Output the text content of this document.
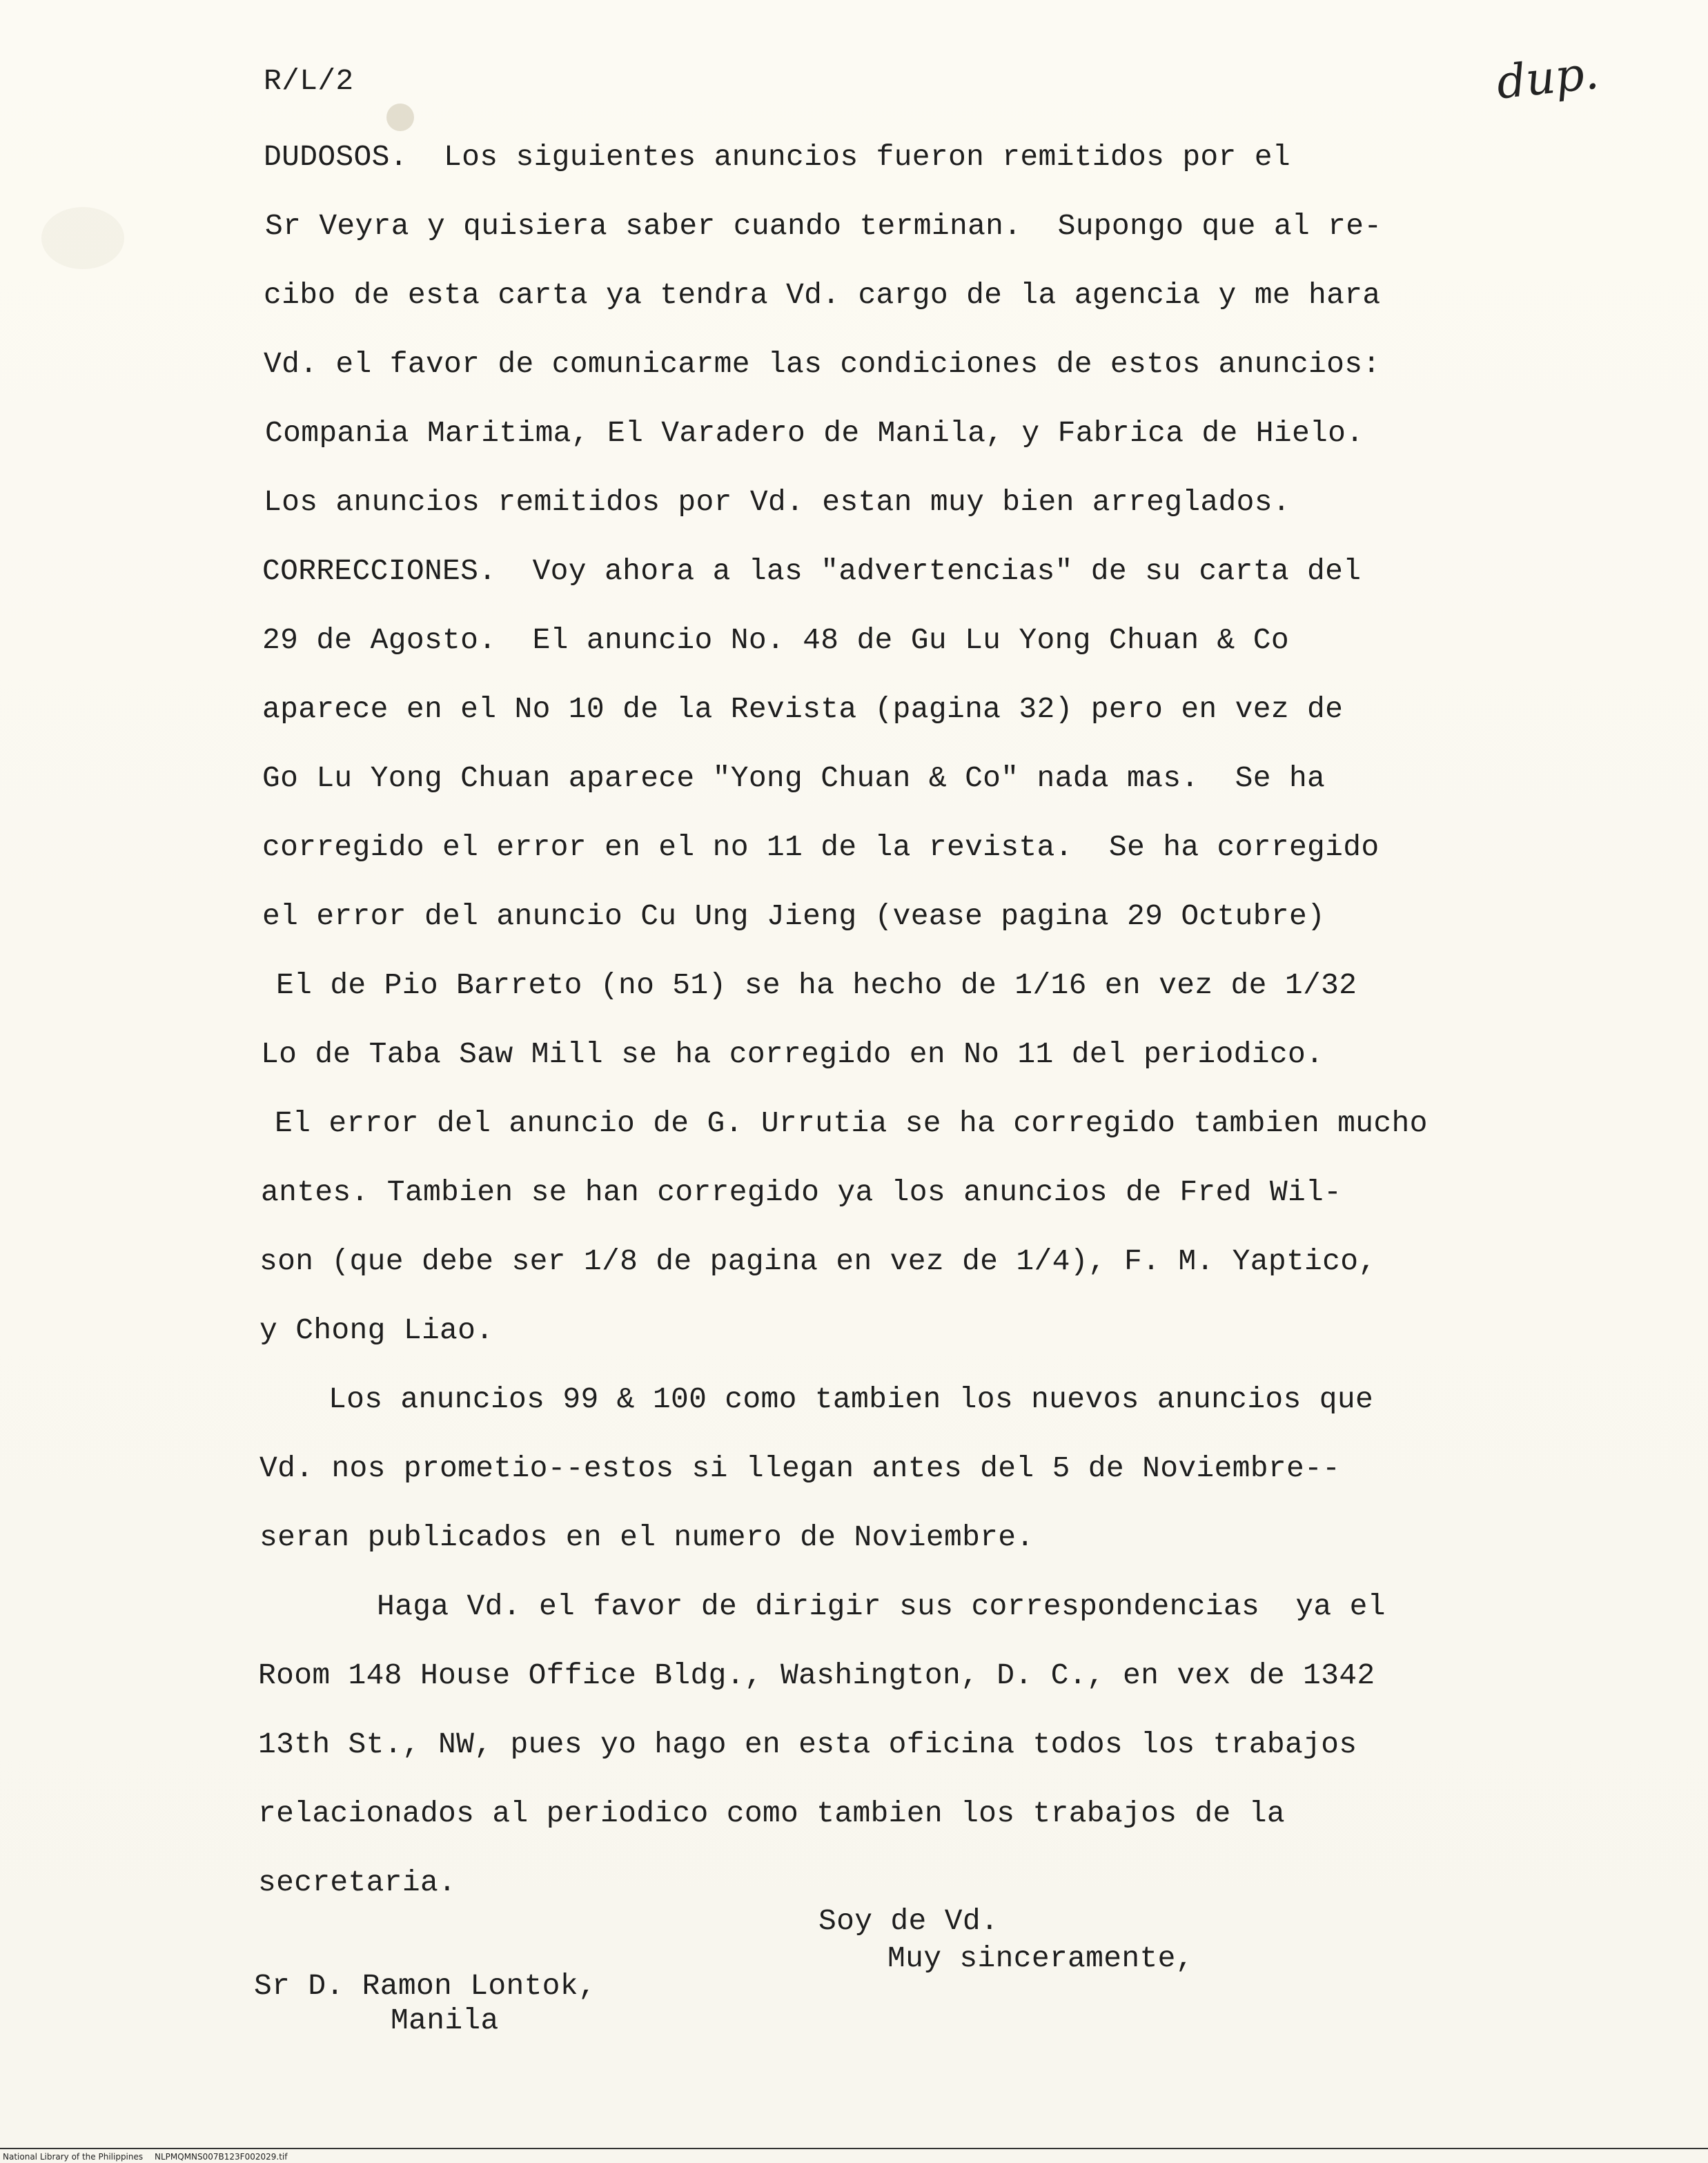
R/L/2	dup.
DUDOSOS.  Los siguientes anuncios fueron remitidos por el
Sr Veyra y quisiera saber cuando terminan.  Supongo que al re-
cibo de esta carta ya tendra Vd. cargo de la agencia y me hara
Vd. el favor de comunicarme las condiciones de estos anuncios:
Compania Maritima, El Varadero de Manila, y Fabrica de Hielo.
Los anuncios remitidos por Vd. estan muy bien arreglados.
CORRECCIONES.  Voy ahora a las "advertencias" de su carta del
29 de Agosto.  El anuncio No. 48 de Gu Lu Yong Chuan & Co
aparece en el No 10 de la Revista (pagina 32) pero en vez de
Go Lu Yong Chuan aparece "Yong Chuan & Co" nada mas.  Se ha
corregido el error en el no 11 de la revista.  Se ha corregido
el error del anuncio Cu Ung Jieng (vease pagina 29 Octubre)
El de Pio Barreto (no 51) se ha hecho de 1/16 en vez de 1/32
Lo de Taba Saw Mill se ha corregido en No 11 del periodico.
El error del anuncio de G. Urrutia se ha corregido tambien mucho
antes. Tambien se han corregido ya los anuncios de Fred Wil-
son (que debe ser 1/8 de pagina en vez de 1/4), F. M. Yaptico,
y Chong Liao.
Los anuncios 99 & 100 como tambien los nuevos anuncios que
Vd. nos prometio--estos si llegan antes del 5 de Noviembre--
seran publicados en el numero de Noviembre.
Haga Vd. el favor de dirigir sus correspondencias  ya el
Room 148 House Office Bldg., Washington, D. C., en vex de 1342
13th St., NW, pues yo hago en esta oficina todos los trabajos
relacionados al periodico como tambien los trabajos de la
secretaria.
Soy de Vd.
Muy sinceramente,
Sr D. Ramon Lontok,
Manila
National Library of the Philippines NLPMQMNS007B123F002029.tif
